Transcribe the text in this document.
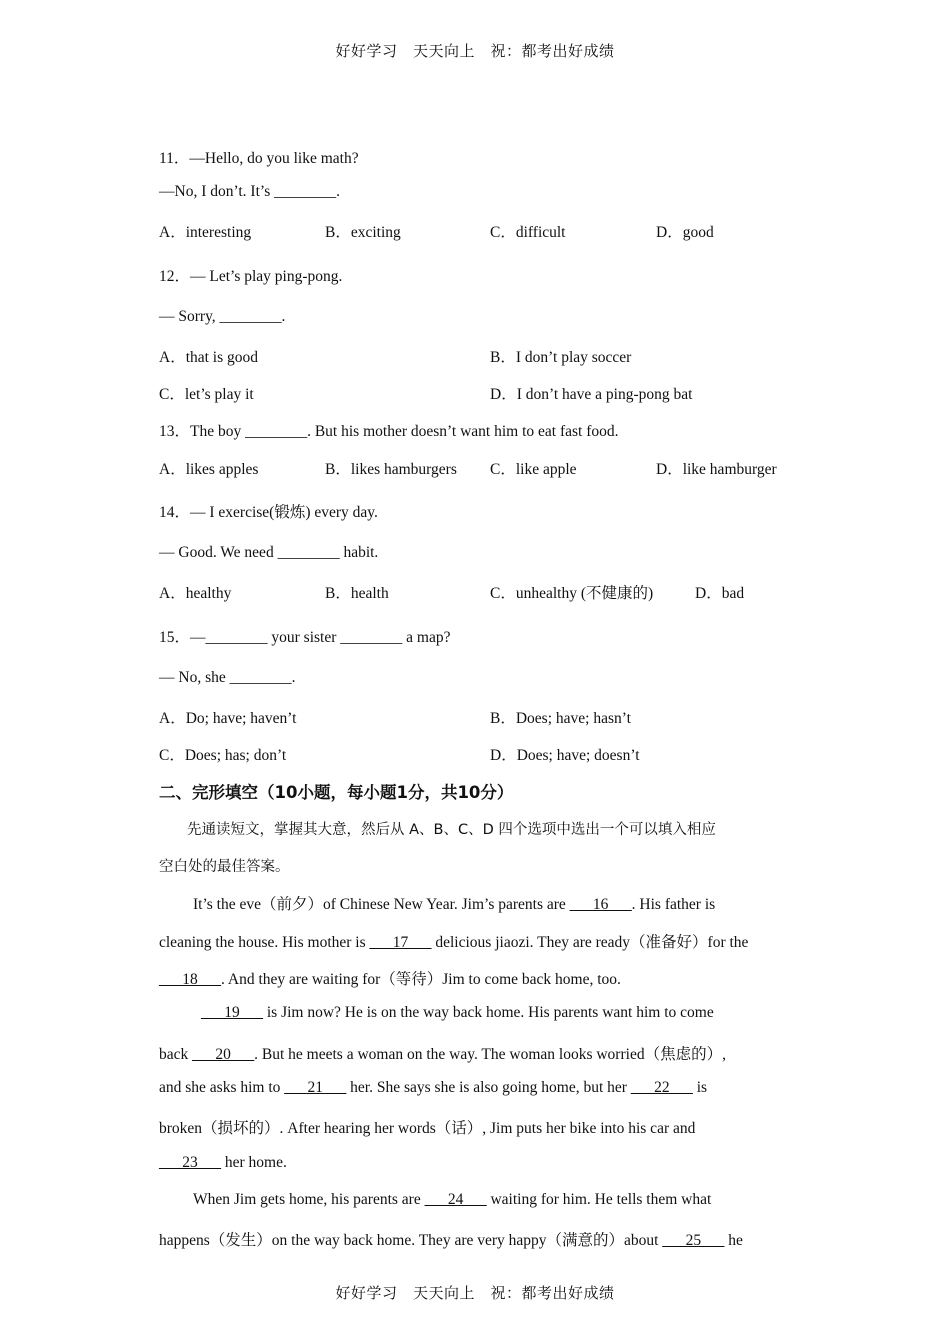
好好学习　天天向上　祝：都考出好成绩
11．—Hello, do you like math?
—No, I don’t. It’s ________.
A．interesting	B．exciting	C．difficult	D．good
12．— Let’s play ping-pong.
— Sorry, ________.
A．that is good	B．I don’t play soccer
C．let’s play it	D．I don’t have a ping-pong bat
13．The boy ________. But his mother doesn’t want him to eat fast food.
A．likes apples	B．likes hamburgers C．like apple	D．like hamburger
14．— I exercise(锻炼) every day.
— Good. We need ________ habit.
A．healthy	B．health	C．unhealthy (不健康的)	D．bad
15．—________ your sister ________ a map?
— No, she ________.
A．Do; have; haven’t	B．Does; have; hasn’t
C．Does; has; don’t	D．Does; have; doesn’t
二、完形填空（10小题，每小题1分，共10分）
先通读短文，掌握其大意，然后从 A、B、C、D 四个选项中选出一个可以填入相应
空白处的最佳答案。
It’s the eve（前夕）of Chinese New Year. Jim’s parents are ___16___. His father is
cleaning the house. His mother is ___17___ delicious jiaozi. They are ready（准备好）for the
___18___. And they are waiting for（等待）Jim to come back home, too.
___19___ is Jim now? He is on the way back home. His parents want him to come
back ___20___. But he meets a woman on the way. The woman looks worried（焦虑的）,
and she asks him to ___21___ her. She says she is also going home, but her ___22___ is
broken（损坏的）. After hearing her words（话）, Jim puts her bike into his car and
___23___ her home.
When Jim gets home, his parents are ___24___ waiting for him. He tells them what
happens（发生）on the way back home. They are very happy（满意的）about ___25___ he
好好学习　天天向上　祝：都考出好成绩
